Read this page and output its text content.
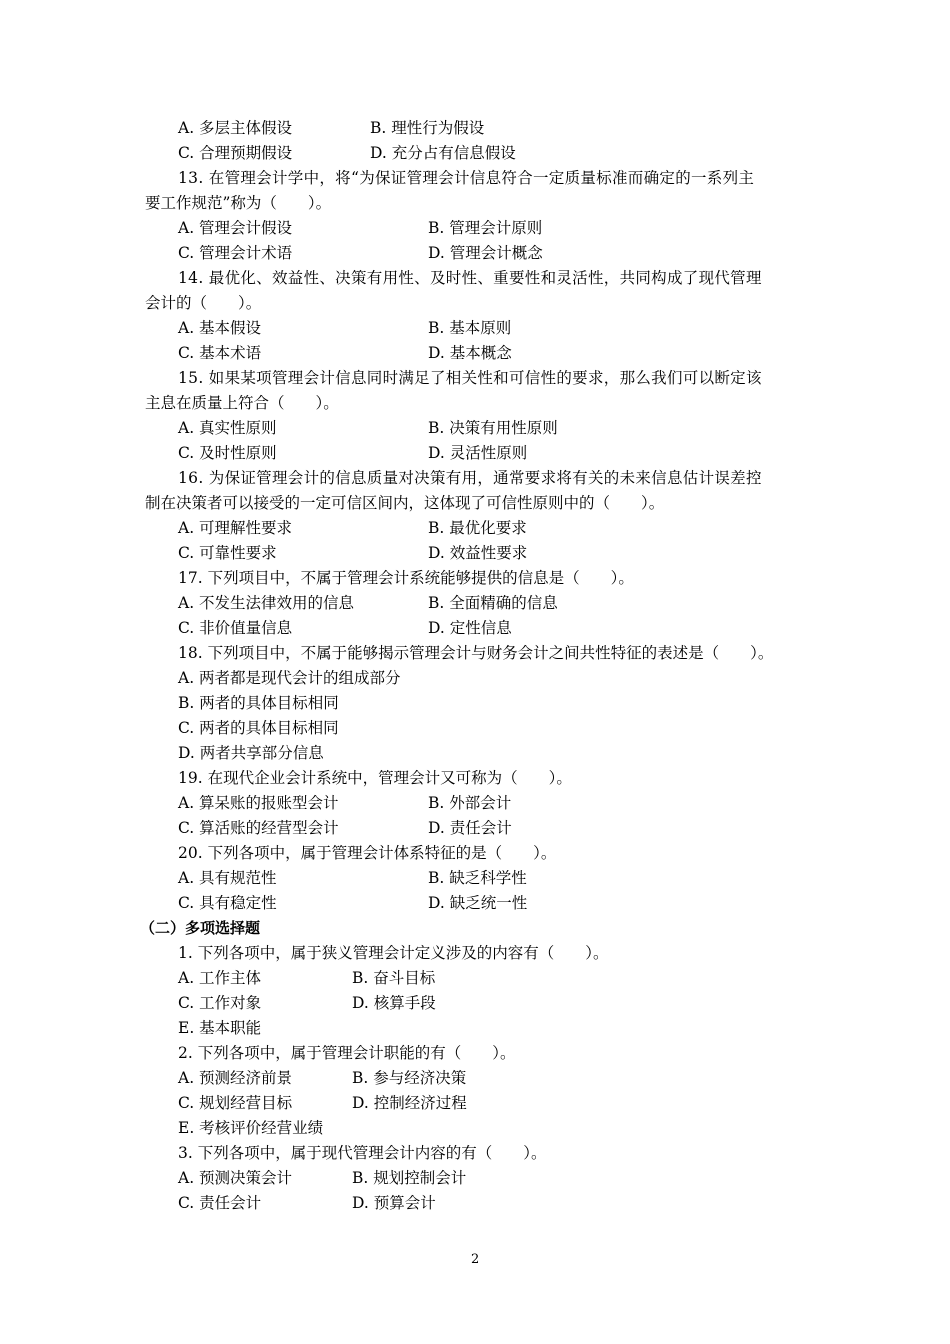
A. 多层主体假设	B. 理性行为假设
C. 合理预期假设	D. 充分占有信息假设
13. 在管理会计学中，将“为保证管理会计信息符合一定质量标准而确定的一系列主
要工作规范”称为（　　）。
A. 管理会计假设	B. 管理会计原则
C. 管理会计术语	D. 管理会计概念
14. 最优化、效益性、决策有用性、及时性、重要性和灵活性，共同构成了现代管理
会计的（　　）。
A. 基本假设	B. 基本原则
C. 基本术语	D. 基本概念
15. 如果某项管理会计信息同时满足了相关性和可信性的要求，那么我们可以断定该
主息在质量上符合（　　）。
A. 真实性原则	B. 决策有用性原则
C. 及时性原则	D. 灵活性原则
16. 为保证管理会计的信息质量对决策有用，通常要求将有关的未来信息估计误差控
制在决策者可以接受的一定可信区间内，这体现了可信性原则中的（　　）。
A. 可理解性要求	B. 最优化要求
C. 可靠性要求	D. 效益性要求
17. 下列项目中，不属于管理会计系统能够提供的信息是（　　）。
A. 不发生法律效用的信息	B. 全面精确的信息
C. 非价值量信息	D. 定性信息
18. 下列项目中，不属于能够揭示管理会计与财务会计之间共性特征的表述是（　　）。
A. 两者都是现代会计的组成部分
B. 两者的具体目标相同
C. 两者的具体目标相同
D. 两者共享部分信息
19. 在现代企业会计系统中，管理会计又可称为（　　）。
A. 算呆账的报账型会计	B. 外部会计
C. 算活账的经营型会计	D. 责任会计
20. 下列各项中，属于管理会计体系特征的是（　　）。
A. 具有规范性	B. 缺乏科学性
C. 具有稳定性	D. 缺乏统一性
（二）多项选择题
1. 下列各项中，属于狭义管理会计定义涉及的内容有（　　）。
A. 工作主体	B. 奋斗目标
C. 工作对象	D. 核算手段
E. 基本职能
2. 下列各项中，属于管理会计职能的有（　　）。
A. 预测经济前景	B. 参与经济决策
C. 规划经营目标	D. 控制经济过程
E. 考核评价经营业绩
3. 下列各项中，属于现代管理会计内容的有（　　）。
A. 预测决策会计	B. 规划控制会计
C. 责任会计	D. 预算会计
2
